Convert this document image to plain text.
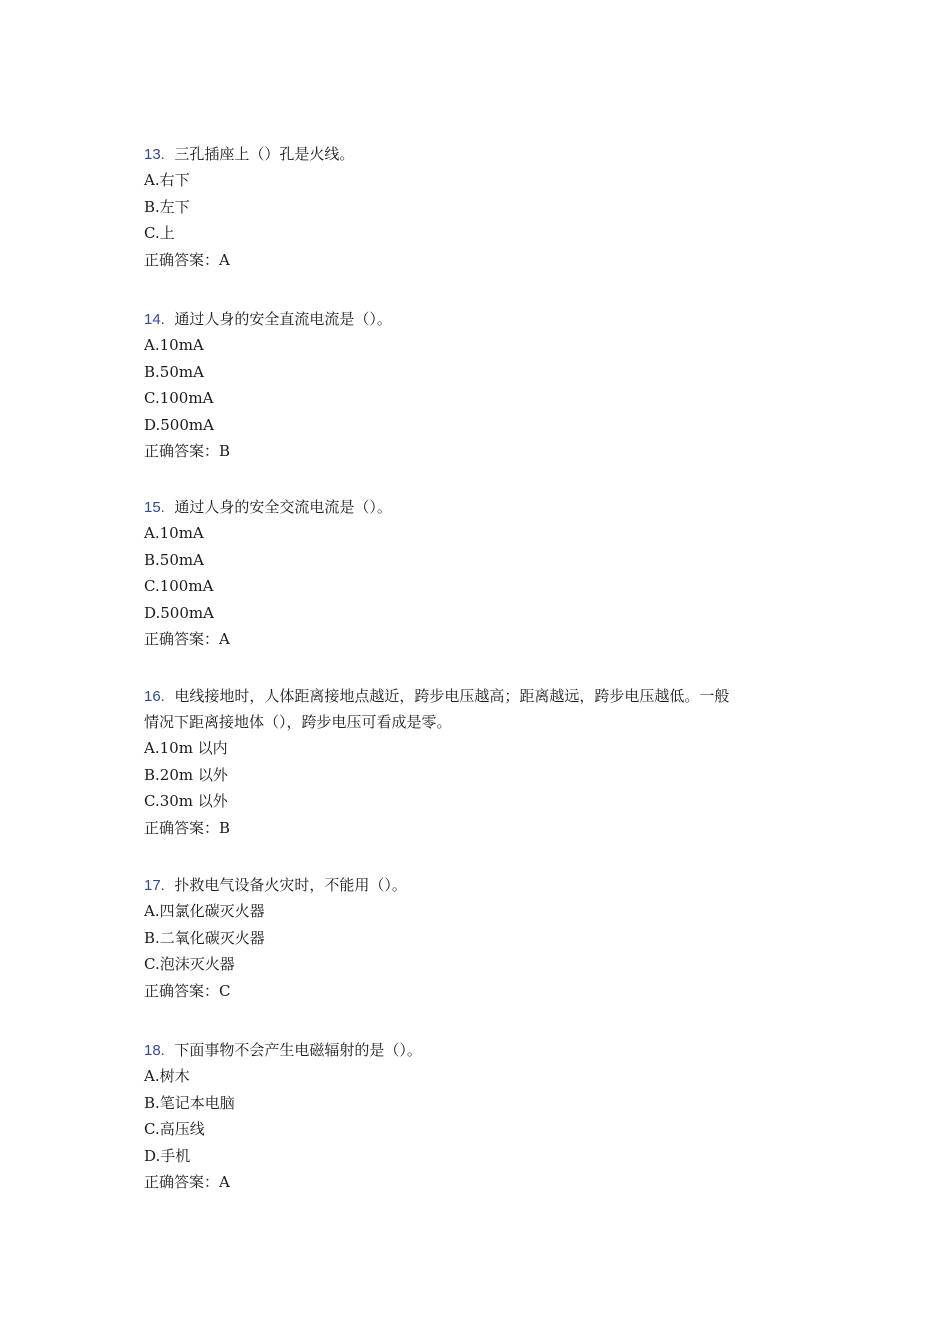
13. 三孔插座上（）孔是火线。
A.右下
B.左下
C.上
正确答案：A
14. 通过人身的安全直流电流是（）。
A.10mA
B.50mA
C.100mA
D.500mA
正确答案：B
15. 通过人身的安全交流电流是（）。
A.10mA
B.50mA
C.100mA
D.500mA
正确答案：A
16. 电线接地时，人体距离接地点越近，跨步电压越高；距离越远，跨步电压越低。一般
情况下距离接地体（），跨步电压可看成是零。
A.10m 以内
B.20m 以外
C.30m 以外
正确答案：B
17. 扑救电气设备火灾时，不能用（）。
A.四氯化碳灭火器
B.二氧化碳灭火器
C.泡沫灭火器
正确答案：C
18. 下面事物不会产生电磁辐射的是（）。
A.树木
B.笔记本电脑
C.高压线
D.手机
正确答案：A
